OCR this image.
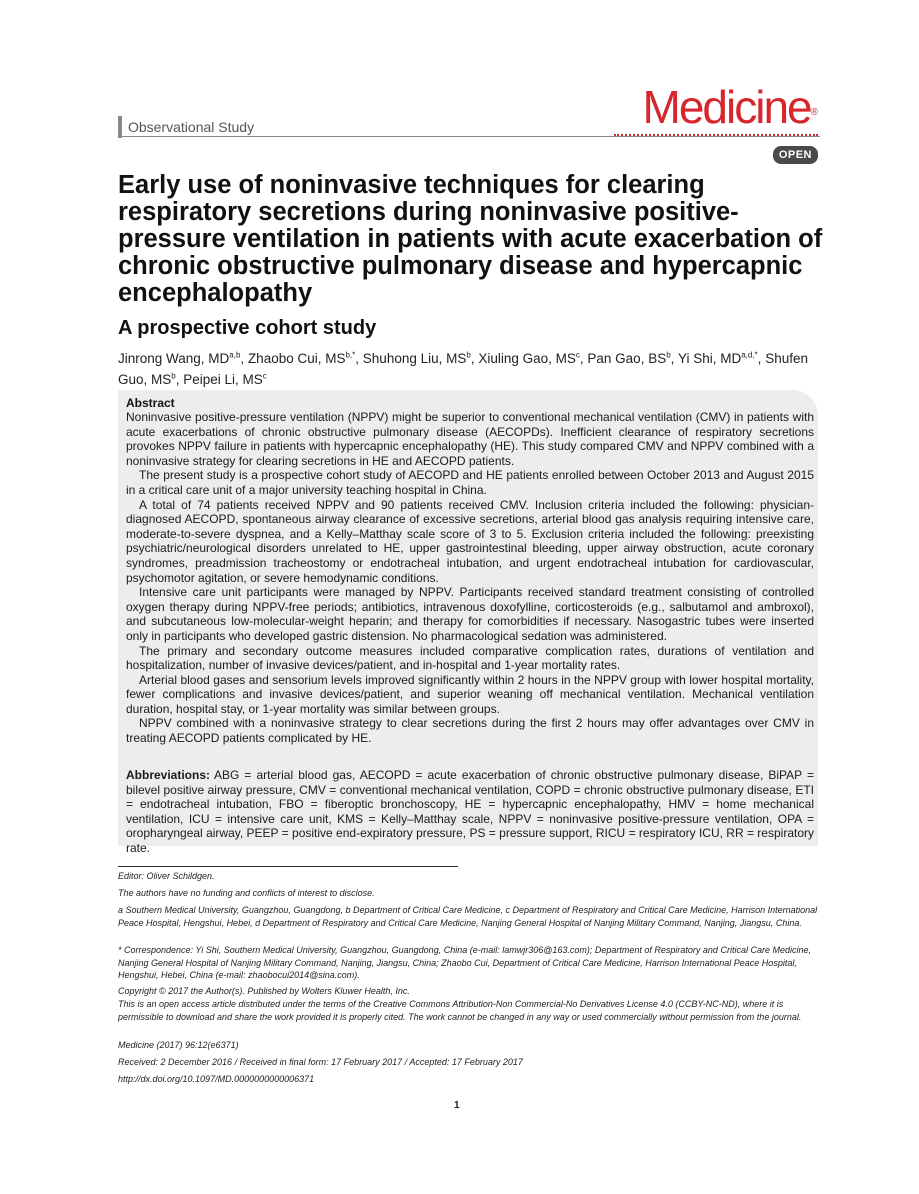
Observational Study	Medicine®
OPEN
Early use of noninvasive techniques for clearing respiratory secretions during noninvasive positive-pressure ventilation in patients with acute exacerbation of chronic obstructive pulmonary disease and hypercapnic encephalopathy
A prospective cohort study
Jinrong Wang, MD$^{a,b}$, Zhaobo Cui, $MS^{b,*}$, Shuhong Liu, $MS^b$, Xiuling Gao, $MS^c$, Pan Gao, $BS^b$, Yi Shi, $MD^{a,d,*}$, Shufen Guo, $MS^b$, Peipei Li, $MS^c$
Abstract

Noninvasive positive-pressure ventilation (NPPV) might be superior to conventional mechanical ventilation (CMV) in patients with acute exacerbations of chronic obstructive pulmonary disease (AECOPDs). Inefficient clearance of respiratory secretions provokes NPPV failure in patients with hypercapnic encephalopathy (HE). This study compared CMV and NPPV combined with a noninvasive strategy for clearing secretions in HE and AECOPD patients.

The present study is a prospective cohort study of AECOPD and HE patients enrolled between October 2013 and August 2015 in a critical care unit of a major university teaching hospital in China.

A total of 74 patients received NPPV and 90 patients received CMV. Inclusion criteria included the following: physician-diagnosed AECOPD, spontaneous airway clearance of excessive secretions, arterial blood gas analysis requiring intensive care, moderate-to-severe dyspnea, and a Kelly–Matthay scale score of 3 to 5. Exclusion criteria included the following: preexisting psychiatric/neurological disorders unrelated to HE, upper gastrointestinal bleeding, upper airway obstruction, acute coronary syndromes, preadmission tracheostomy or endotracheal intubation, and urgent endotracheal intubation for cardiovascular, psychomotor agitation, or severe hemodynamic conditions.

Intensive care unit participants were managed by NPPV. Participants received standard treatment consisting of controlled oxygen therapy during NPPV-free periods; antibiotics, intravenous doxofylline, corticosteroids (e.g., salbutamol and ambroxol), and subcutaneous low-molecular-weight heparin; and therapy for comorbidities if necessary. Nasogastric tubes were inserted only in participants who developed gastric distension. No pharmacological sedation was administered.

The primary and secondary outcome measures included comparative complication rates, durations of ventilation and hospitalization, number of invasive devices/patient, and in-hospital and 1-year mortality rates.

Arterial blood gases and sensorium levels improved significantly within 2 hours in the NPPV group with lower hospital mortality, fewer complications and invasive devices/patient, and superior weaning off mechanical ventilation. Mechanical ventilation duration, hospital stay, or 1-year mortality was similar between groups.

NPPV combined with a noninvasive strategy to clear secretions during the first 2 hours may offer advantages over CMV in treating AECOPD patients complicated by HE.

Abbreviations: ABG = arterial blood gas, AECOPD = acute exacerbation of chronic obstructive pulmonary disease, BiPAP = bilevel positive airway pressure, CMV = conventional mechanical ventilation, COPD = chronic obstructive pulmonary disease, ETI = endotracheal intubation, FBO = fiberoptic bronchoscopy, HE = hypercapnic encephalopathy, HMV = home mechanical ventilation, ICU = intensive care unit, KMS = Kelly–Matthay scale, NPPV = noninvasive positive-pressure ventilation, OPA = oropharyngeal airway, PEEP = positive end-expiratory pressure, PS = pressure support, RICU = respiratory ICU, RR = respiratory rate.
Editor: Oliver Schildgen.
The authors have no funding and conflicts of interest to disclose.
a Southern Medical University, Guangzhou, Guangdong, b Department of Critical Care Medicine, c Department of Respiratory and Critical Care Medicine, Harrison International Peace Hospital, Hengshui, Hebei, d Department of Respiratory and Critical Care Medicine, Nanjing General Hospital of Nanjing Military Command, Nanjing, Jiangsu, China.
* Correspondence: Yi Shi, Southern Medical University, Guangzhou, Guangdong, China (e-mail: lamwjr306@163.com); Department of Respiratory and Critical Care Medicine, Nanjing General Hospital of Nanjing Military Command, Nanjing, Jiangsu, China; Zhaobo Cui, Department of Critical Care Medicine, Harrison International Peace Hospital, Hengshui, Hebei, China (e-mail: zhaobocui2014@sina.com).
Copyright © 2017 the Author(s). Published by Wolters Kluwer Health, Inc.
This is an open access article distributed under the terms of the Creative Commons Attribution-Non Commercial-No Derivatives License 4.0 (CCBY-NC-ND), where it is permissible to download and share the work provided it is properly cited. The work cannot be changed in any way or used commercially without permission from the journal.
Medicine (2017) 96:12(e6371)
Received: 2 December 2016 / Received in final form: 17 February 2017 / Accepted: 17 February 2017
http://dx.doi.org/10.1097/MD.0000000000006371
1
